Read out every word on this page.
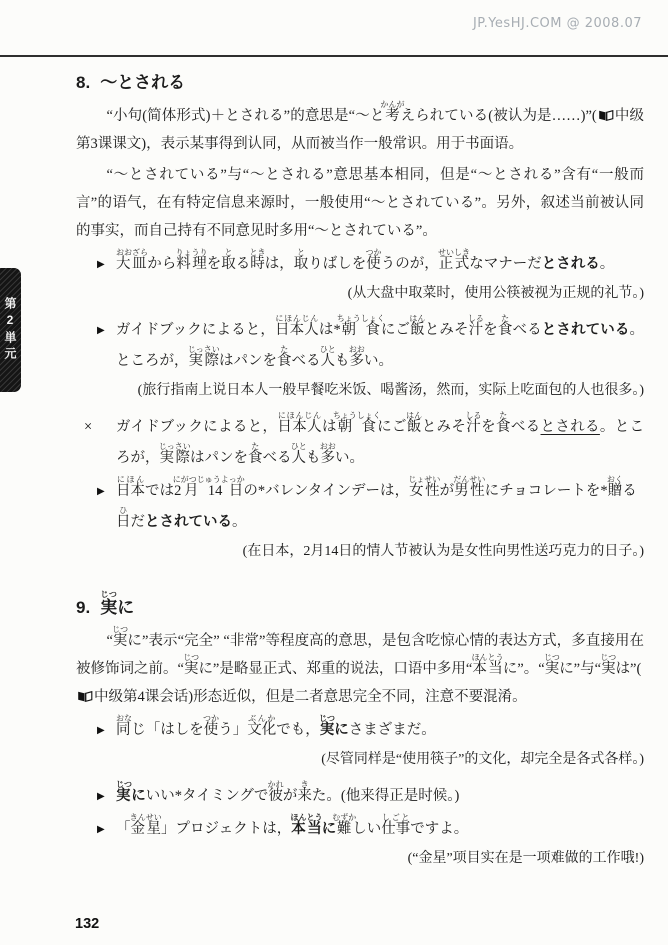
JP.YesHJ.COM @ 2008.07
第2単元
8. ～とされる

“小句(简体形式)＋とされる”的意思是“～と考かんがえられている(被认为是……)”( 中级第3课课文)，表示某事得到认同，从而被当作一般常识。用于书面语。

“～とされている”与“～とされる”意思基本相同，但是“～とされる”含有“一般而言”的语气，在有特定信息来源时，一般使用“～とされている”。另外，叙述当前被认同的事实，而自己持有不同意见时多用“～とされている”。

▶ 大皿おおざらから料理りょうりを取とる時ときは，取とりばしを使つかうのが，正式せいしきなマナーだとされる。
(从大盘中取菜时，使用公筷被视为正规的礼节。)
▶ ガイドブックによると，日本人にほんじんは*朝食ちょうしょくにご飯はんとみそ汁しるを食たべるとされている。ところが，実際じっさいはパンを食たべる人ひとも多おおい。
(旅行指南上说日本人一般早餐吃米饭、喝酱汤，然而，实际上吃面包的人也很多。)
× ガイドブックによると，日本人にほんじんは朝食ちょうしょくにご飯はんとみそ汁しるを食たべるとされる。ところが，実際じっさいはパンを食たべる人ひとも多おおい。
▶ 日本にほんでは2月 14 日にがつじゅうよっかの*バレンタインデーは，女性じょせいが男性だんせいにチョコレートを*贈おくる日ひだとされている。
(在日本，2月14日的情人节被认为是女性向男性送巧克力的日子。)
9. 実じつに

“実じつに”表示“完全” “非常”等程度高的意思，是包含吃惊心情的表达方式，多直接用在被修饰词之前。“実じつに”是略显正式、郑重的说法，口语中多用“本当ほんとうに”。“実じつに”与“実じつは”(
中级第4课会话)形态近似，但是二者意思完全不同，注意不要混淆。

▶ 同おなじ「はしを使つかう」文化ぶんかでも，実じつにさまざまだ。
(尽管同样是“使用筷子”的文化，却完全是各式各样。)
▶ 実じつにいい*タイミングで彼かれが来きた。(他来得正是时候。)
▶ 「金星きんせい」プロジェクトは，本当ほんとうに難むずかしい仕事しごとですよ。
(“金星”项目实在是一项难做的工作哦!)
132
